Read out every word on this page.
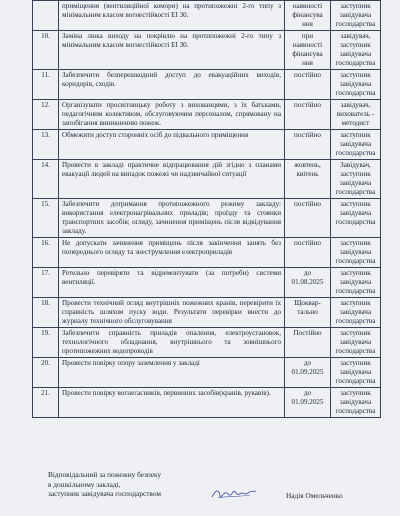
	приміщення (вентиляційної комори) на протипожежні 2-го типу з мінімальним класом вогнестійкості EI 30.	наявності фінансува ння	заступник завідувача господарства
10.	Заміна люка виходу на покрівлю на протипожежні 2-го типу з мінімальним класом вогнестійкості EI 30.	при наявності фінансува ння	завідувач, заступник завідувача господарства
11.	Забезпечити безперешкодний доступ до евакуаційних виходів, коридорів, сходів.	постійно	заступник завідувача господарства
12.	Організувати просвітницьку роботу з вихованцями, з їх батьками, педагогічним колективом, обслуговуючим персоналом, спрямовану на запобігання виникненню пожеж.	постійно	завідувач, вихователь - методист
13.	Обмежити доступ сторонніх осіб до підвального приміщення	постійно	заступник завідувача господарства
14.	Провести в закладі практичне відпрацювання дій згідно з планами евакуації людей на випадок пожежі чи надзвичайної ситуації	жовтень, квітень	Завідувач, заступник завідувача господарства
15.	Забезпечити дотримання протипожежного режиму закладу: використання електронагрівальних приладів; проїзду та стоянки транспортних засобів; огляду, зачинення приміщень після відвідування закладу.	постійно	заступник завідувача господарства
16.	Не допускати зачинення приміщень після закінчення занять без попереднього огляду та знеструмлення електроприладів	постійно	заступник завідувача господарства
17.	Ретельно перевіряти та відремонтувати (за потреби) системи вентиляції.	до 01.08.2025	заступник завідувача господарства
18.	Провести технічний огляд внутрішніх пожежних кранів, перевірити їх справність шляхом пуску води. Результати перевірки внести до журналу технічного обслуговування	Щоквар- тально	заступник завідувача господарства
19.	Забезпечити справність приладів опалення, електроустановок, технологічного обладнання, внутрішнього та зовнішнього протипожежних водопроводів	Постійно	заступник завідувача господарства
20.	Провести повірку опору заземлення у закладі	до 01.09.2025	заступник завідувача господарства
21.	Провести повірку вогнегасників, первинних засобів(кранів, рукавів).	до 01.09.2025	заступник завідувача господарства
Відповідальний за пожежну безпеку
в дошкільному закладі,
заступник завідувача господарством	Надія Омельченко
